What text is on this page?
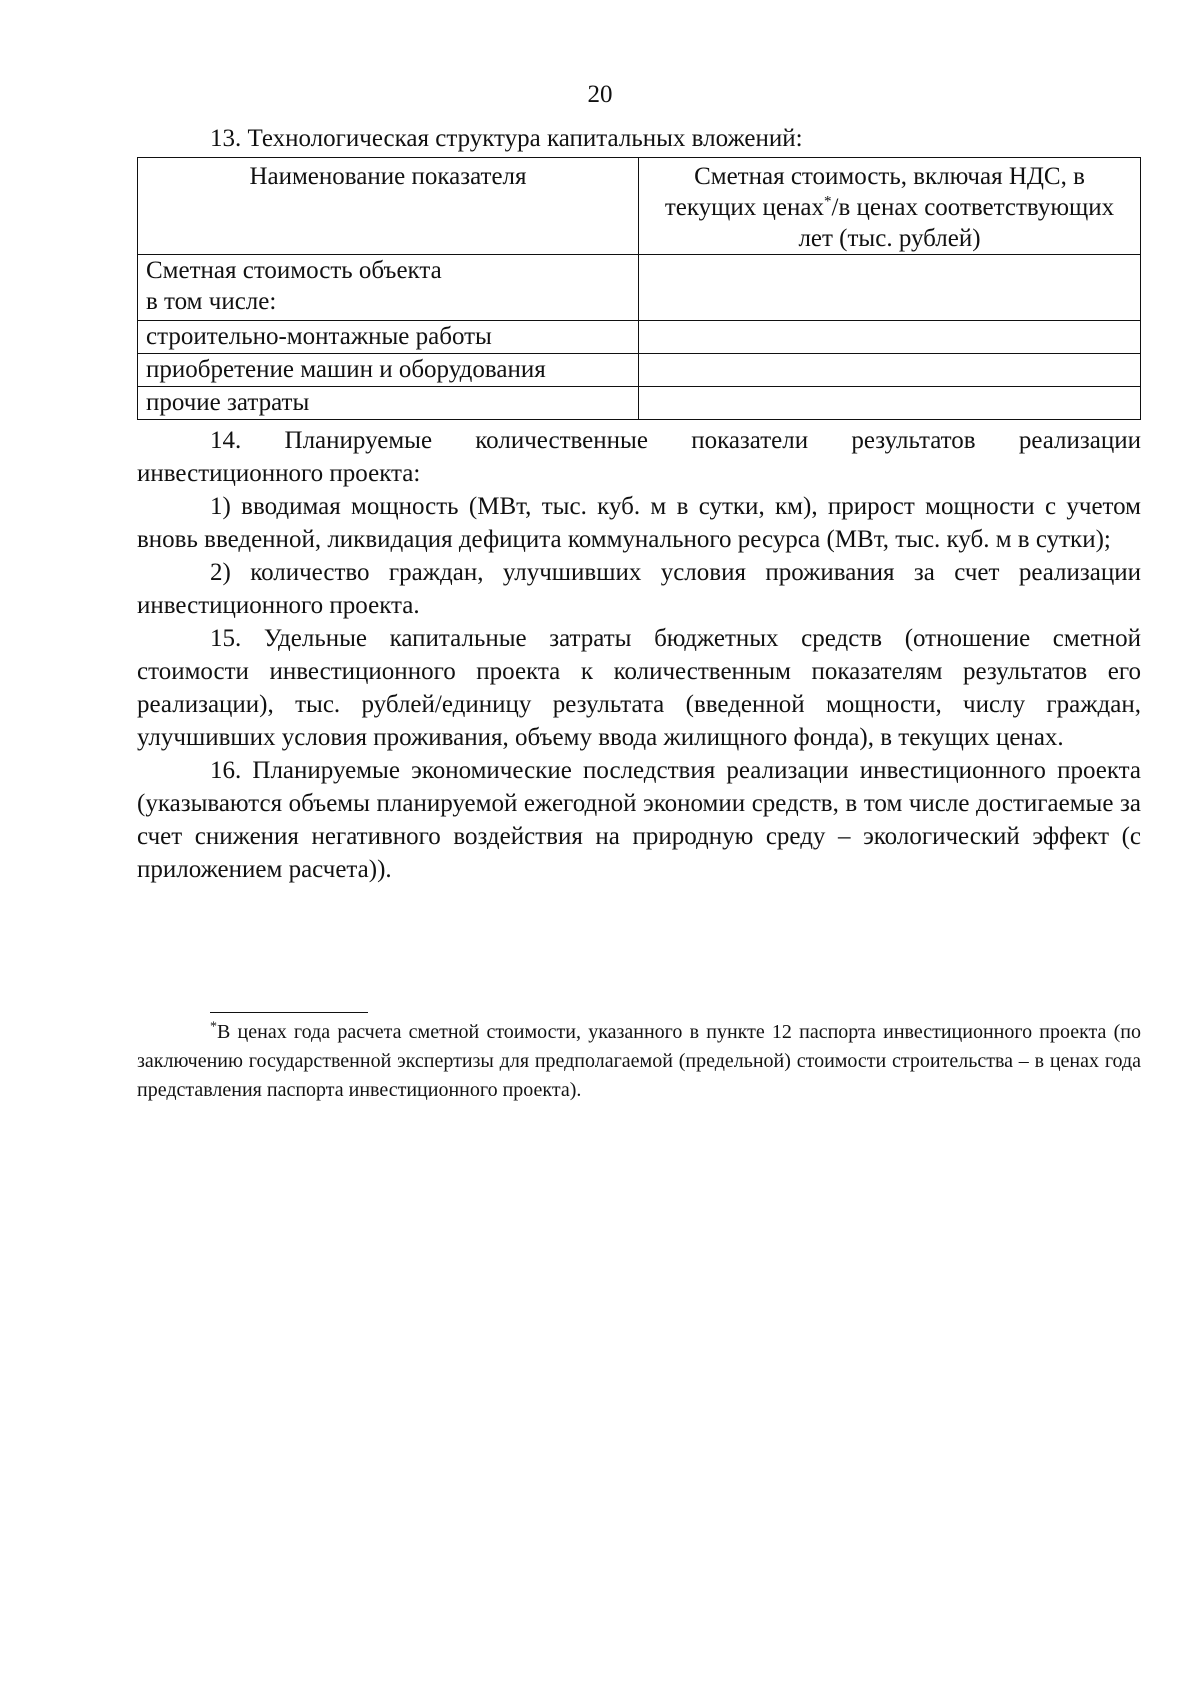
20
13. Технологическая структура капитальных вложений:
Наименование показателя	Сметная стоимость, включая НДС, в текущих ценах*/в ценах соответствующих лет (тыс. рублей)

Сметная стоимость объекта
в том числе:	

строительно-монтажные работы	
приобретение машин и оборудования	
прочие затраты	

14. Планируемые количественные показатели результатов реализации инвестиционного проекта:

1) вводимая мощность (МВт, тыс. куб. м в сутки, км), прирост мощности с учетом вновь введенной, ликвидация дефицита коммунального ресурса (МВт, тыс. куб. м в сутки);

2) количество граждан, улучшивших условия проживания за счет реализации инвестиционного проекта.

15. Удельные капитальные затраты бюджетных средств (отношение сметной стоимости инвестиционного проекта к количественным показателям результатов его реализации), тыс. рублей/единицу результата (введенной мощности, числу граждан, улучшивших условия проживания, объему ввода жилищного фонда), в текущих ценах.

16. Планируемые экономические последствия реализации инвестиционного проекта (указываются объемы планируемой ежегодной экономии средств, в том числе достигаемые за счет снижения негативного воздействия на природную среду – экологический эффект (с приложением расчета)).

*В ценах года расчета сметной стоимости, указанного в пункте 12 паспорта инвестиционного проекта (по заключению государственной экспертизы для предполагаемой (предельной) стоимости строительства – в ценах года представления паспорта инвестиционного проекта).
